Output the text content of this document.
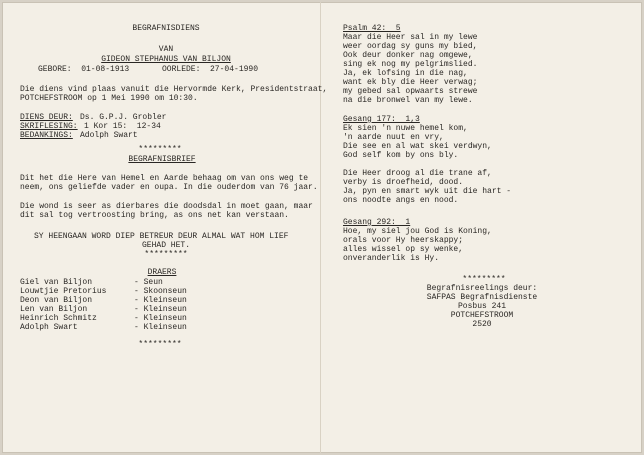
BEGRAFNISDIENS

VAN

GIDEON STEPHANUS VAN BILJON

GEBORE:  01-08-1913

	OORLEDE:  27-04-1990

Die diens vind plaas vanuit die Hervormde Kerk, Presidentstraat,

POTCHEFSTROOM op 1 Mei 1990 om 10:30.

DIENS DEUR:

Ds. G.P.J. Grobler

SKRIFLESING:

1 Kor 15:  12-34

BEDANKINGS:

Adolph Swart

*********

BEGRAFNISBRIEF

Dit het die Here van Hemel en Aarde behaag om van ons weg te

neem, ons geliefde vader en oupa. In die ouderdom van 76 jaar.

Die wond is seer as dierbares die doodsdal in moet gaan, maar

dit sal tog vertroosting bring, as ons net kan verstaan.

SY HEENGAAN WORD DIEP BETREUR DEUR ALMAL WAT HOM LIEF

GEHAD HET.

*********

DRAERS

Giel van Biljon

	- Seun

Louwtjie Pretorius

	- Skoonseun

Deon van Biljon

	- Kleinseun

Len van Biljon

	- Kleinseun

Heinrich Schmitz

	- Kleinseun

Adolph Swart

	- Kleinseun

*********

Psalm 42:  5

Maar die Heer sal in my lewe

weer oordag sy guns my bied,

Ook deur donker nag omgewe,

sing ek nog my pelgrimslied.

Ja, ek lofsing in die nag,

want ek bly die Heer verwag;

my gebed sal opwaarts strewe

na die bronwel van my lewe.

Gesang 177:  1,3

Ek sien 'n nuwe hemel kom,

'n aarde nuut en vry,

Die see en al wat skei verdwyn,

God self kom by ons bly.

Die Heer droog al die trane af,

verby is droefheid, dood.

Ja, pyn en smart wyk uit die hart -

ons noodte angs en nood.

Gesang 292:  1

Hoe, my siel jou God is Koning,

orals voor Hy heerskappy;

alles wissel op sy wenke,

onveranderlik is Hy.

*********

Begrafnisreelings deur:

SAFPAS Begrafnisdienste

Posbus 241

POTCHEFSTROOM

2520
